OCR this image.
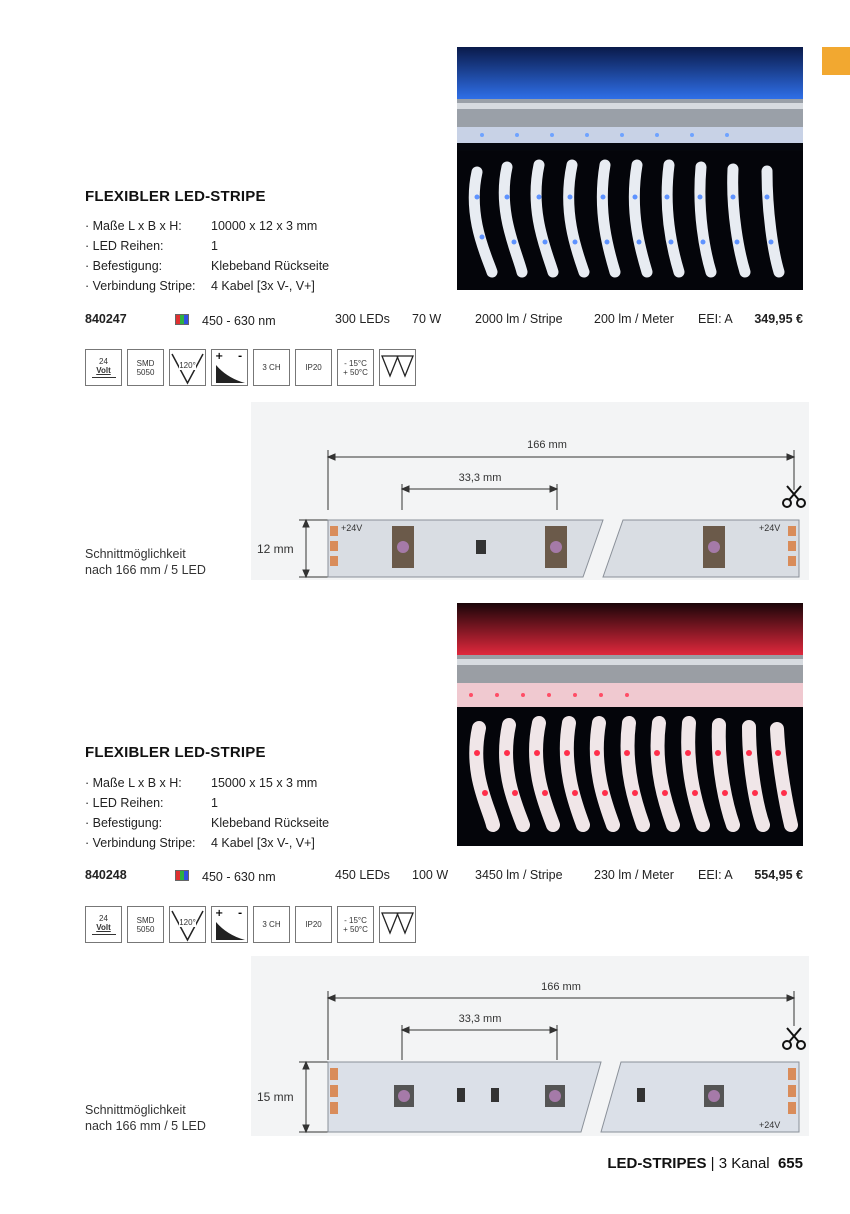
FLEXIBLER LED-STRIPE
· Maße L x B x H:	10000 x 12 x 3 mm
· LED Reihen:	1
· Befestigung:	Klebeband Rückseite
· Verbindung Stripe:	4 Kabel [3x V-, V+]
840247	450 - 630 nm	300 LEDs 70 W	2000 lm / Stripe	200 lm / Meter EEI: A 349,95 €
24
Volt
SMD
5050
120°
+ -
3 CH	IP20	- 15°C
+ 50°C
166 mm
33,3 mm
12 mm
+24V	+24V
Schnittmöglichkeit
nach 166 mm / 5 LED
FLEXIBLER LED-STRIPE
· Maße L x B x H:	15000 x 15 x 3 mm
· LED Reihen:	1
· Befestigung:	Klebeband Rückseite
· Verbindung Stripe:	4 Kabel [3x V-, V+]
840248	450 - 630 nm	450 LEDs 100 W 3450 lm / Stripe	230 lm / Meter EEI: A 554,95 €
24
Volt
SMD
5050
120°
+ -
3 CH	IP20	- 15°C
+ 50°C
166 mm
33,3 mm
15 mm
+24V
Schnittmöglichkeit
nach 166 mm / 5 LED
LED-STRIPES | 3 Kanal 655
